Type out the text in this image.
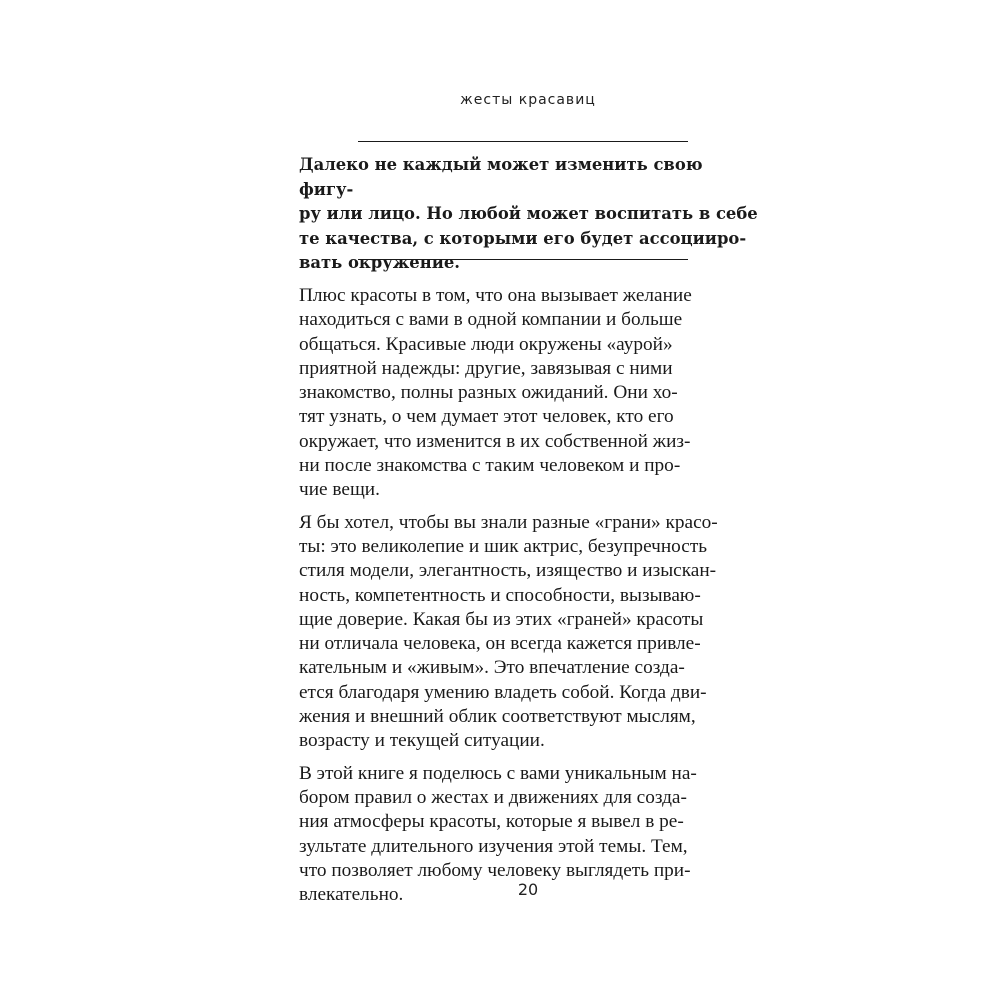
жесты красавиц

Далеко не каждый может изменить свою фигу-
ру или лицо. Но любой может воспитать в себе
те качества, с которыми его будет ассоцииро-
вать окружение.

Плюс красоты в том, что она вызывает желание
находиться с вами в одной компании и больше
общаться. Красивые люди окружены «аурой»
приятной надежды: другие, завязывая с ними
знакомство, полны разных ожиданий. Они хо-
тят узнать, о чем думает этот человек, кто его
окружает, что изменится в их собственной жиз-
ни после знакомства с таким человеком и про-
чие вещи.
Я бы хотел, чтобы вы знали разные «грани» красо-
ты: это великолепие и шик актрис, безупречность
стиля модели, элегантность, изящество и изыскан-
ность, компетентность и способности, вызываю-
щие доверие. Какая бы из этих «граней» красоты
ни отличала человека, он всегда кажется привле-
кательным и «живым». Это впечатление созда-
ется благодаря умению владеть собой. Когда дви-
жения и внешний облик соответствуют мыслям,
возрасту и текущей ситуации.
В этой книге я поделюсь с вами уникальным на-
бором правил о жестах и движениях для созда-
ния атмосферы красоты, которые я вывел в ре-
зультате длительного изучения этой темы. Тем,
что позволяет любому человеку выглядеть при-
влекательно.	20
